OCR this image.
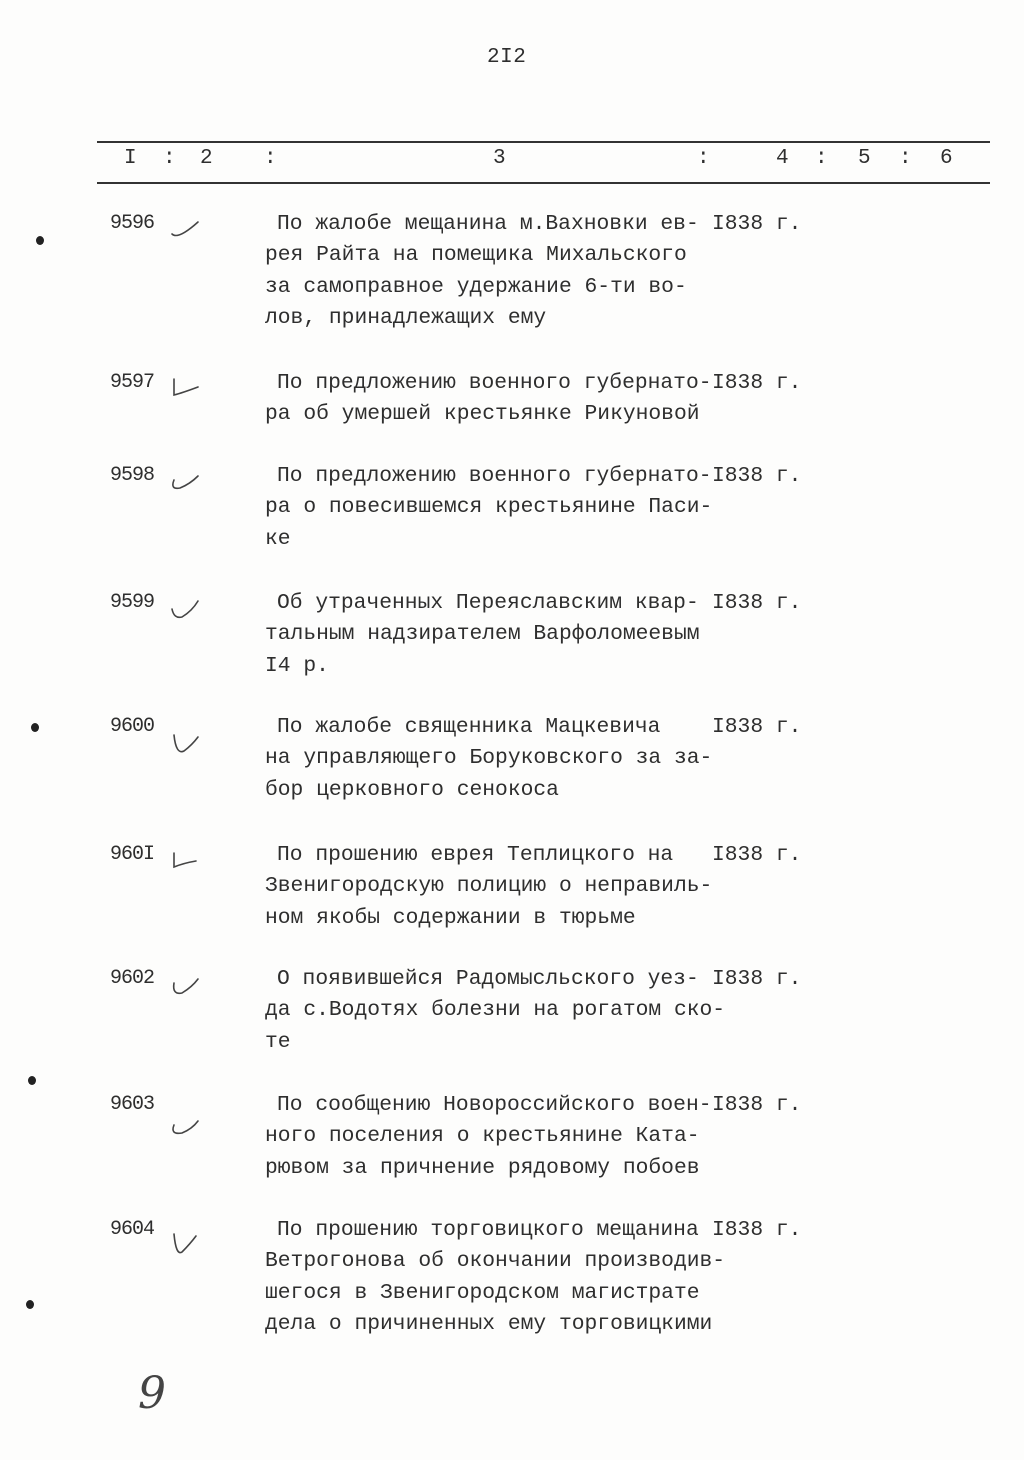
2I2
I : 2 :	3	:	4 : 5 : 6
9596	По жалобе мещанина м.Вахновки ев-
рея Райта на помещика Михальского
за самоправное удержание 6-ти во-
лов, принадлежащих ему
I838 г.
9597	По предложению военного губернато-
ра об умершей крестьянке Рикуновой
I838 г.
9598	По предложению военного губернато-
ра о повесившемся крестьянине Паси-
ке
I838 г.
9599	Об утраченных Переяславским квар-
тальным надзирателем Варфоломеевым
I4 р.
I838 г.
9600	По жалобе священника Мацкевича
на управляющего Боруковского за за-
бор церковного сенокоса
I838 г.
960I	По прошению еврея Теплицкого на
Звенигородскую полицию о неправиль-
ном якобы содержании в тюрьме
I838 г.
9602	О появившейся Радомысльского уез-
да с.Водотях болезни на рогатом ско-
те
I838 г.
9603	По сообщению Новороссийского воен-
ного поселения о крестьянине Ката-
рювом за причнение рядовому побоев
I838 г.
9604	По прошению торговицкого мещанина
Ветрогонова об окончании производив-
шегося в Звенигородском магистрате
дела о причиненных ему торговицкими
I838 г.
9
